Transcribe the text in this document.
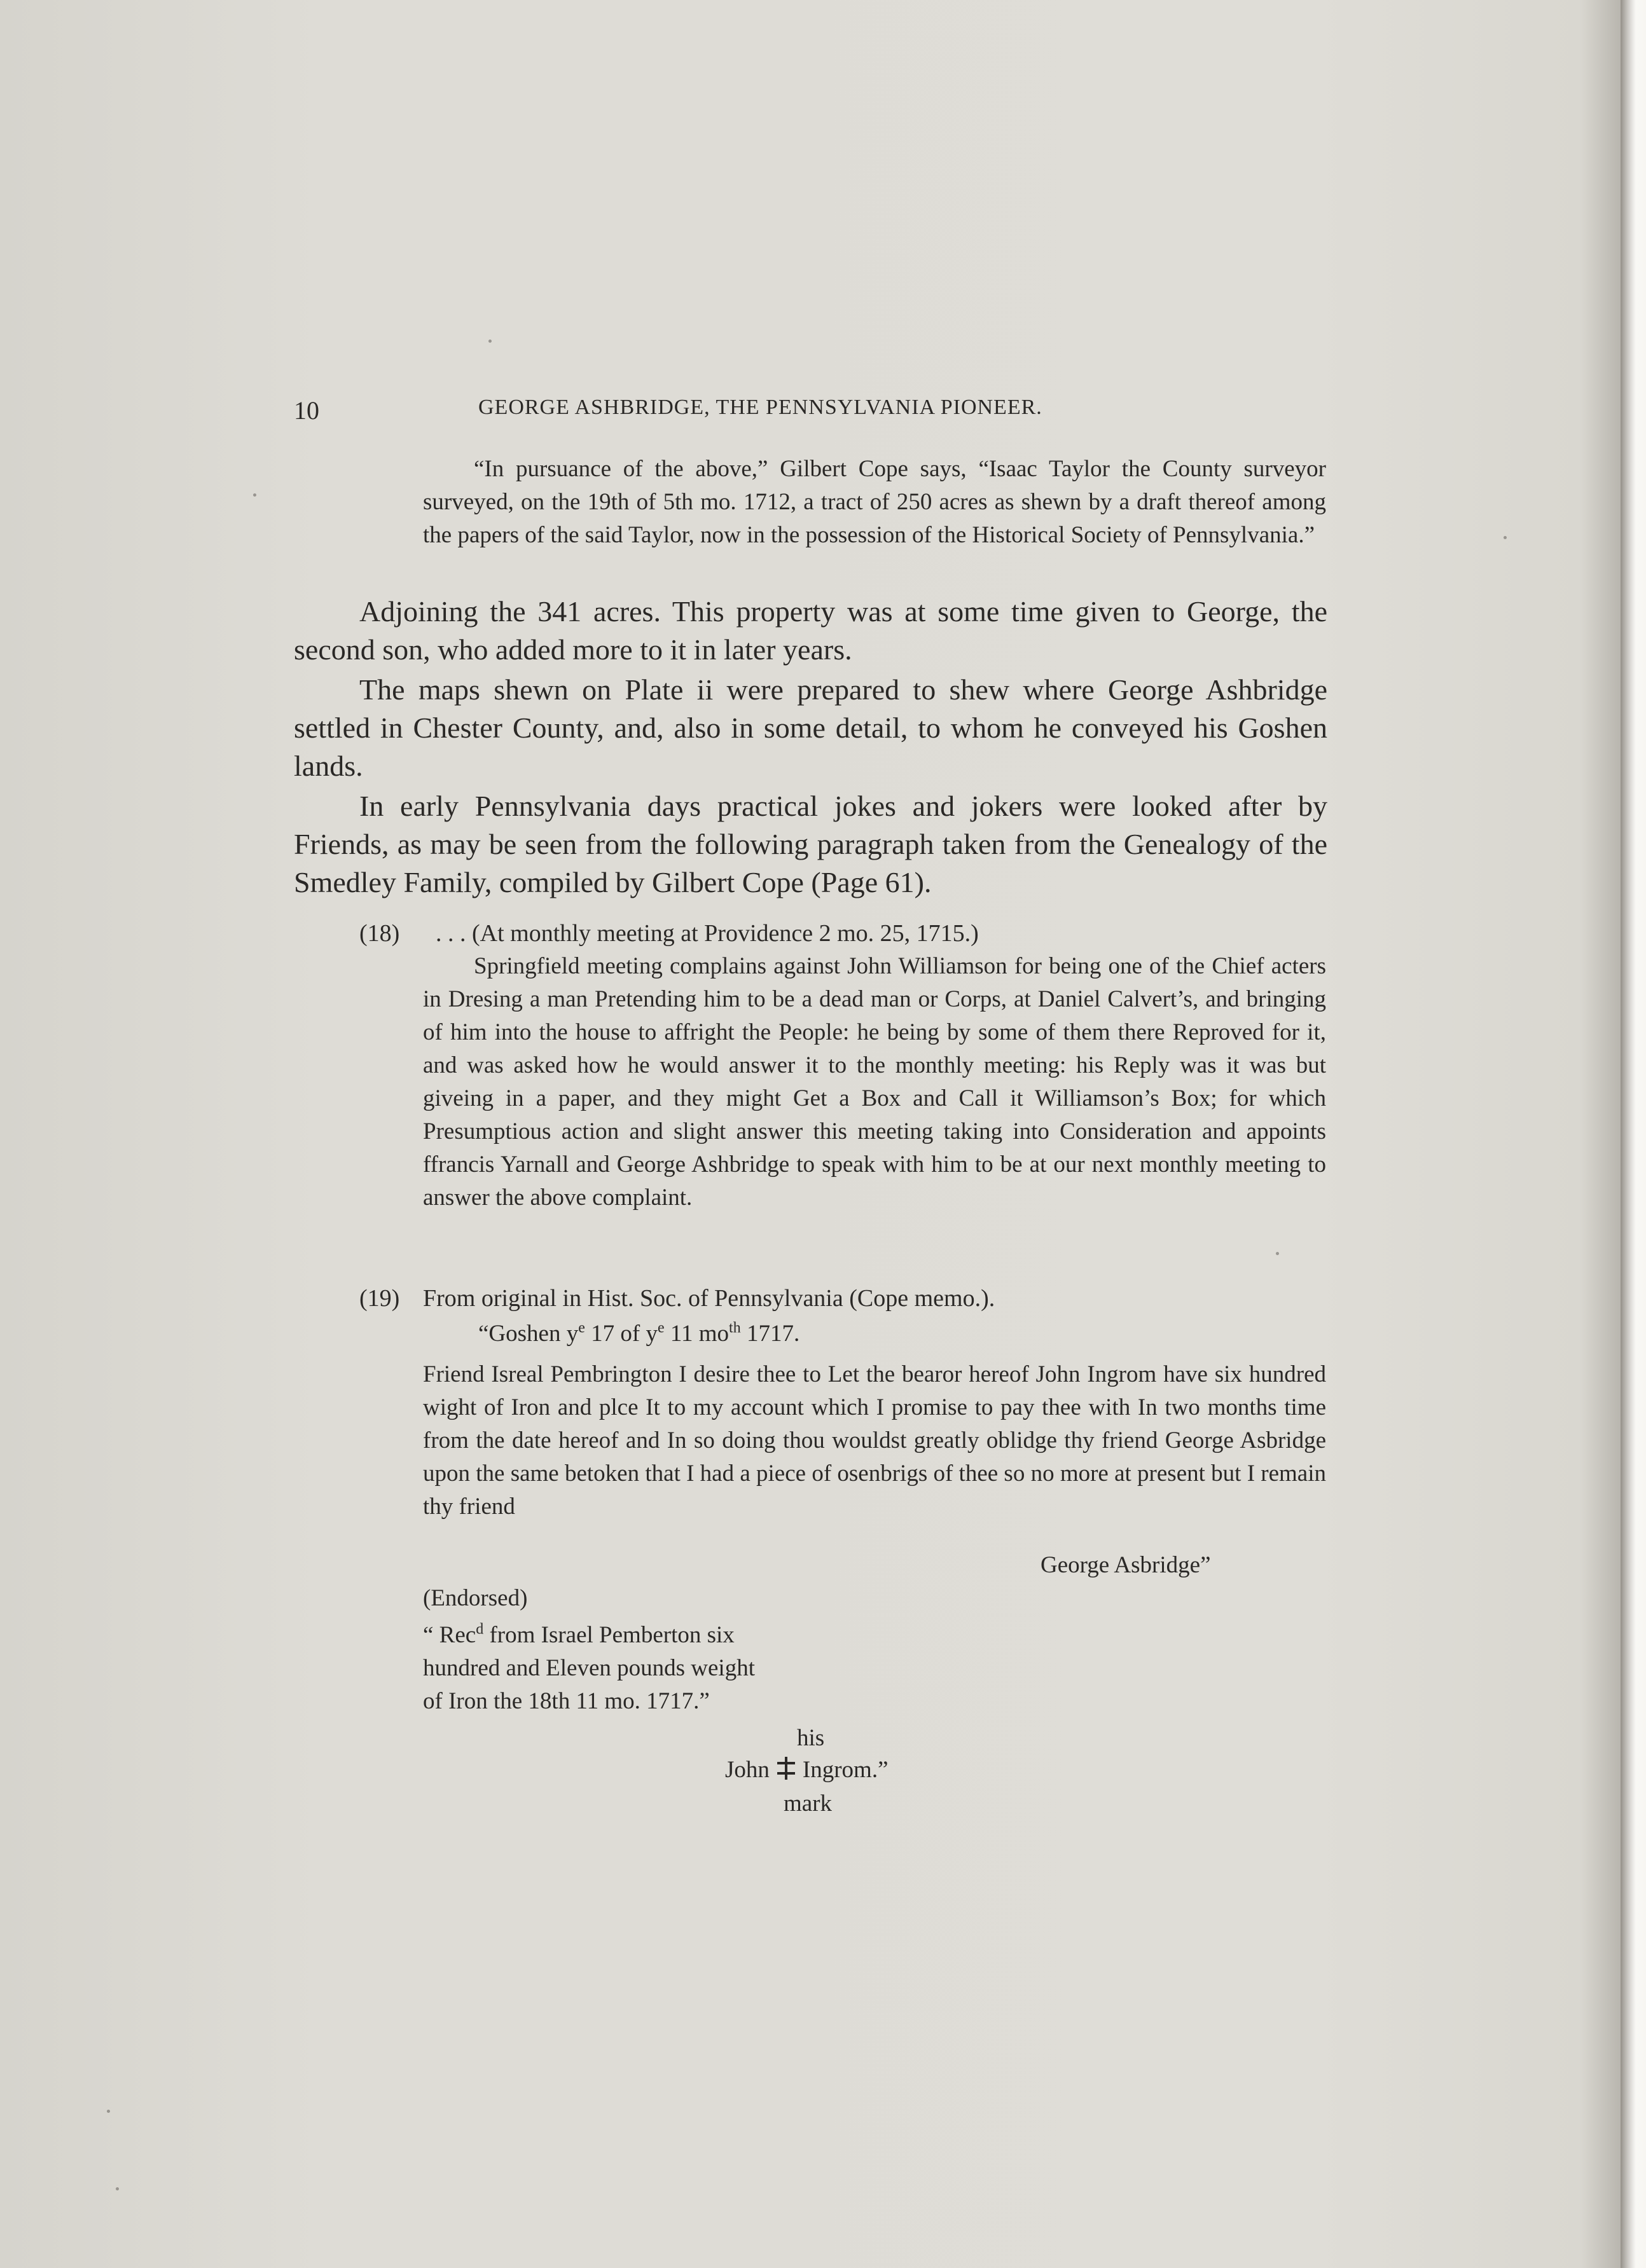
10	GEORGE ASHBRIDGE, THE PENNSYLVANIA PIONEER.

“In pursuance of the above,” Gilbert Cope says, “Isaac Taylor the County surveyor surveyed, on the 19th of 5th mo. 1712, a tract of 250 acres as shewn by a draft thereof among the papers of the said Taylor, now in the possession of the Historical Society of Pennsylvania.”

Adjoining the 341 acres. This property was at some time given to George, the second son, who added more to it in later years.

The maps shewn on Plate ii were prepared to shew where George Ashbridge settled in Chester County, and, also in some detail, to whom he conveyed his Goshen lands.

In early Pennsylvania days practical jokes and jokers were looked after by Friends, as may be seen from the following paragraph taken from the Genealogy of the Smedley Family, compiled by Gilbert Cope (Page 61).

(18) . . . (At monthly meeting at Providence 2 mo. 25, 1715.)

Springfield meeting complains against John Williamson for being one of the Chief acters in Dresing a man Pretending him to be a dead man or Corps, at Daniel Calvert’s, and bringing of him into the house to affright the People: he being by some of them there Reproved for it, and was asked how he would answer it to the monthly meeting: his Reply was it was but giveing in a paper, and they might Get a Box and Call it Williamson’s Box; for which Presumptious action and slight answer this meeting taking into Consideration and appoints ffrancis Yarnall and George Ashbridge to speak with him to be at our next monthly meeting to answer the above complaint.

(19) From original in Hist. Soc. of Pennsylvania (Cope memo.).
“Goshen $y^e$ 17 of $y^e$ 11 $mo^{th}$ 1717.

Friend Isreal Pembrington I desire thee to Let the bearor hereof John Ingrom have six hundred wight of Iron and plce It to my account which I promise to pay thee with In two months time from the date hereof and In so doing thou wouldst greatly oblidge thy friend George Asbridge upon the same betoken that I had a piece of osenbrigs of thee so no more at present but I remain thy friend

George Asbridge”
(Endorsed)
“ Rec$^d$ from Israel Pemberton six
hundred and Eleven pounds weight
of Iron the 18th 11 mo. 1717.”
his
John Ingrom.”
mark
